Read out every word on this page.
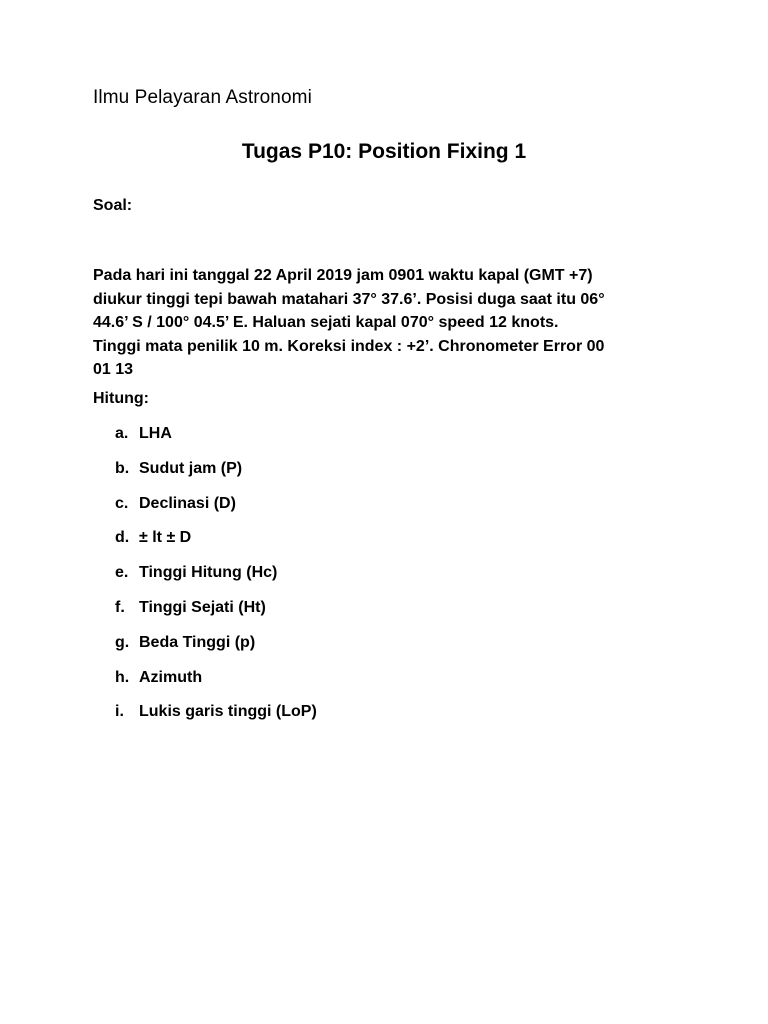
Ilmu Pelayaran Astronomi
Tugas P10: Position Fixing 1
Soal:
Pada hari ini tanggal 22 April 2019 jam 0901 waktu kapal (GMT +7)
diukur tinggi tepi bawah matahari 37° 37.6’. Posisi duga saat itu 06°
44.6’ S / 100° 04.5’ E. Haluan sejati kapal 070° speed 12 knots.
Tinggi mata penilik 10 m. Koreksi index : +2’. Chronometer Error 00
01 13
Hitung:
a. LHA
b. Sudut jam (P)
c. Declinasi (D)
d. ± lt ± D
e. Tinggi Hitung (Hc)
f. Tinggi Sejati (Ht)
g. Beda Tinggi (p)
h. Azimuth
i. Lukis garis tinggi (LoP)
